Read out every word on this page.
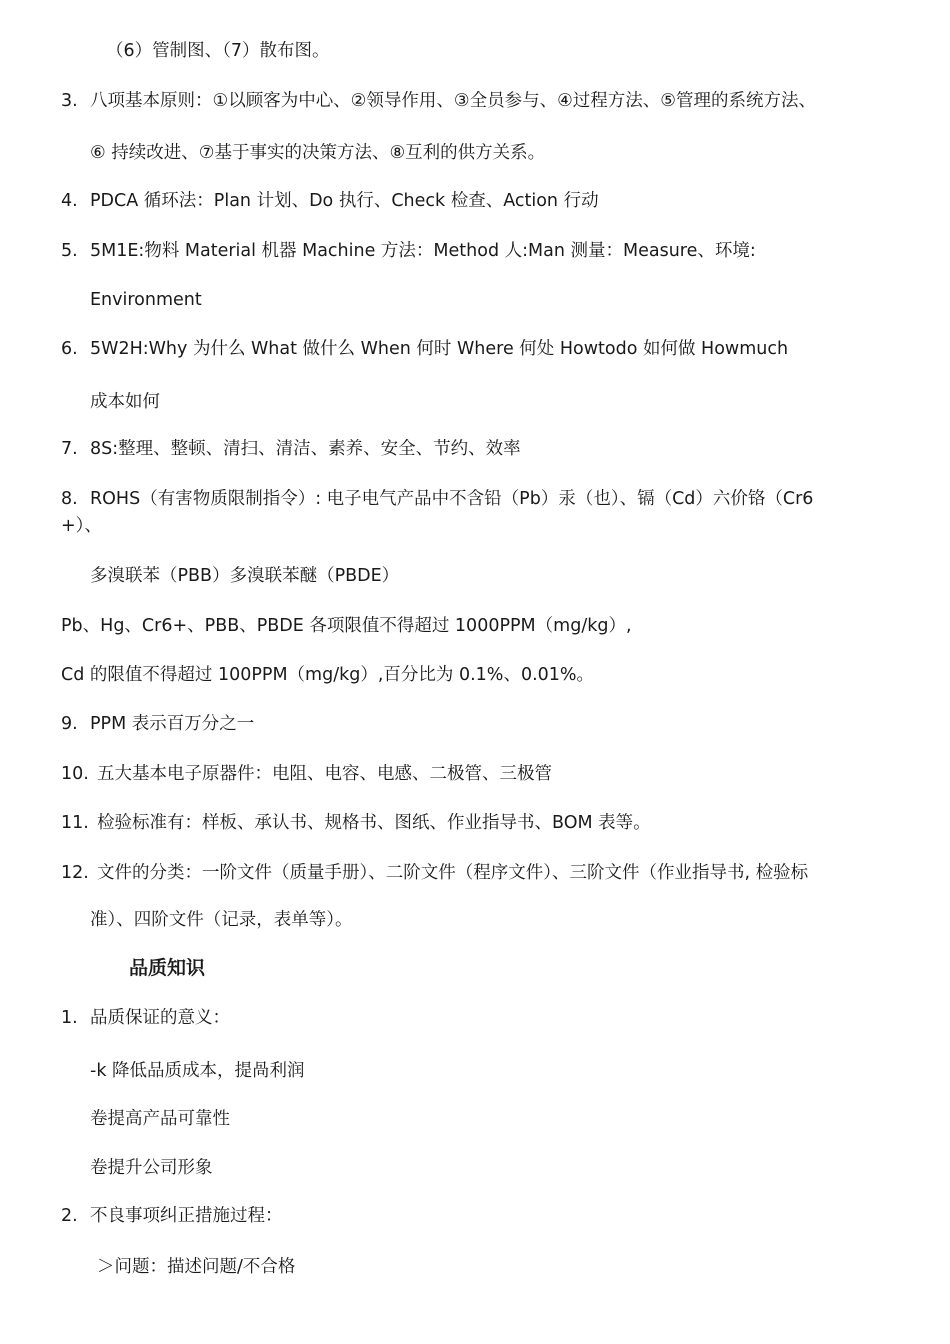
（6）管制图、（7）散布图。
3. 八项基本原则：①以顾客为中心、②领导作用、③全员参与、④过程方法、⑤管理的系统方法、
⑥ 持续改进、⑦基于事实的决策方法、⑧互利的供方关系。
4. PDCA 循环法：Plan 计划、Do 执行、Check 检查、Action 行动
5. 5M1E:物料 Material 机器 Machine 方法：Method 人:Man 测量：Measure、环境:
Environment
6. 5W2H:Why 为什么 What 做什么 When 何时 Where 何处 Howtodo 如何做 Howmuch
成本如何
7. 8S:整理、整顿、清扫、清洁、素养、安全、节约、效率
8. ROHS（有害物质限制指令）: 电子电气产品中不含铅（Pb）汞（也）、镉（Cd）六价铬（Cr6
+）、
多溴联苯（PBB）多溴联苯醚（PBDE）
Pb、Hg、Cr6+、PBB、PBDE 各项限值不得超过 1000PPM（mg/kg）,
Cd 的限值不得超过 100PPM（mg/kg）,百分比为 0.1%、0.01%。
9. PPM 表示百万分之一
10. 五大基本电子原器件：电阻、电容、电感、二极管、三极管
11. 检验标准有：样板、承认书、规格书、图纸、作业指导书、BOM 表等。
12. 文件的分类：一阶文件（质量手册）、二阶文件（程序文件）、三阶文件（作业指导书, 检验标
准）、四阶文件（记录，表单等）。
品质知识
1. 品质保证的意义：
-k 降低品质成本，提咼利润
卷提高产品可靠性
卷提升公司形象
2. 不良事项纠正措施过程：
＞问题：描述问题/不合格
